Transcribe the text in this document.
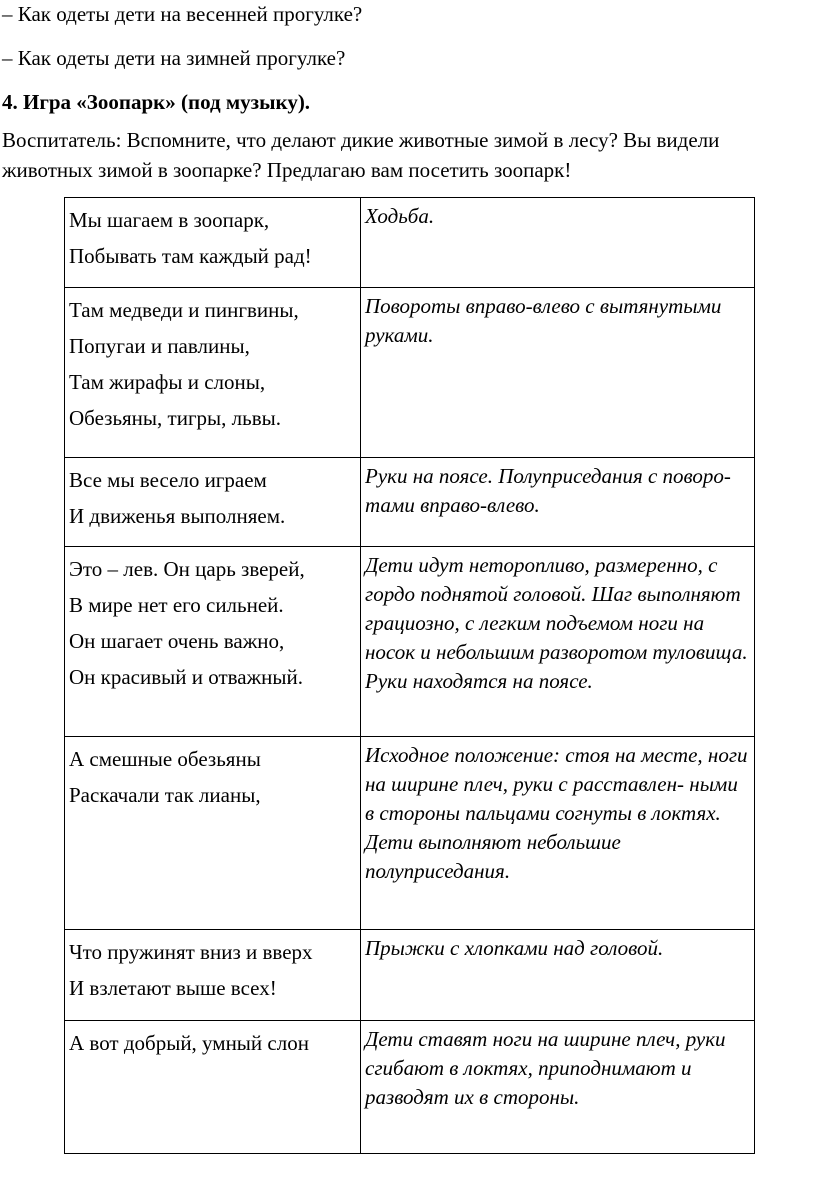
– Как одеты дети на весенней прогулке?
– Как одеты дети на зимней прогулке?
4. Игра «Зоопарк» (под музыку).
Воспитатель: Вспомните, что делают дикие животные зимой в лесу? Вы видели животных зимой в зоопарке? Предлагаю вам посетить зоопарк!
Мы шагаем в зоопарк,
Побывать там каждый рад!	Ходьба.

Там медведи и пингвины,
Попугаи и павлины,
Там жирафы и слоны,
Обезьяны, тигры, львы.	Повороты вправо-влево с вытянутыми руками.

Все мы весело играем
И движенья выполняем.	Руки на поясе. Полуприседания с поворо- тами вправо-влево.

Это – лев. Он царь зверей,
В мире нет его сильней.
Он шагает очень важно,
Он красивый и отважный.	Дети идут неторопливо, размеренно, с гордо поднятой головой. Шаг выполняют грациозно, с легким подъемом ноги на носок и небольшим разворотом туловища. Руки находятся на поясе.

А смешные обезьяны
Раскачали так лианы,	Исходное положение: стоя на месте, ноги на ширине плеч, руки с расставлен- ными в стороны пальцами согнуты в локтях. Дети выполняют небольшие полуприседания.

Что пружинят вниз и вверх
И взлетают выше всех!	Прыжки с хлопками над головой.

А вот добрый, умный слон	Дети ставят ноги на ширине плеч, руки сгибают в локтях, приподнимают и разводят их в стороны.
